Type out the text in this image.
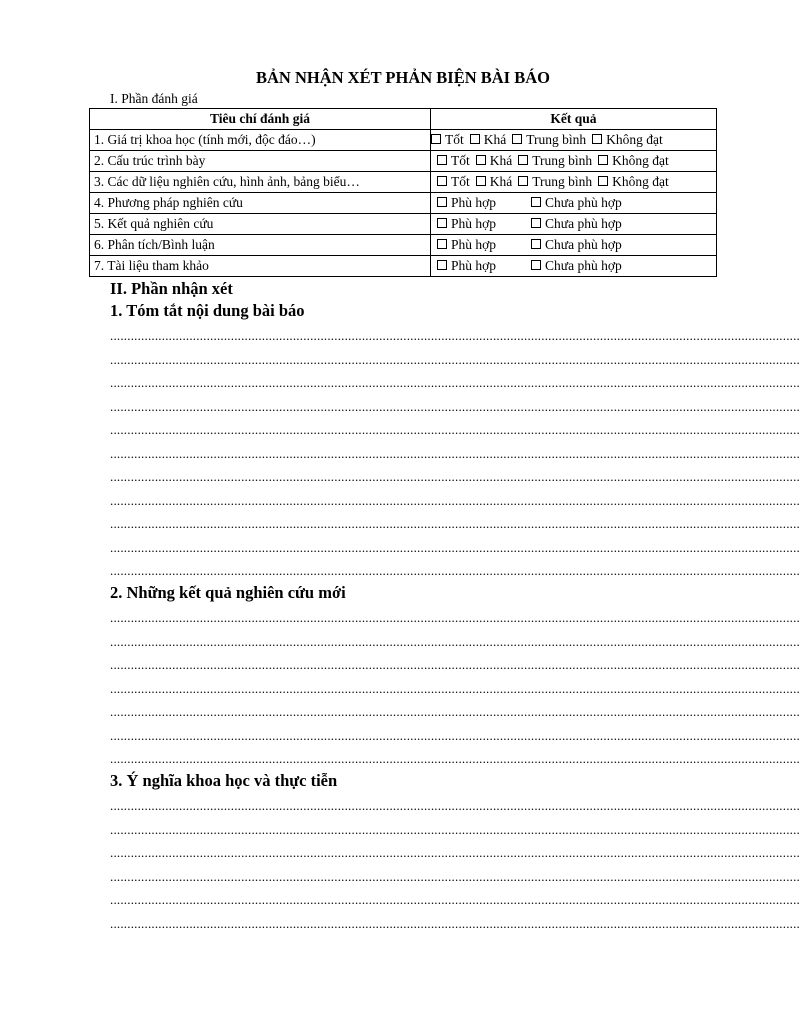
BẢN NHẬN XÉT PHẢN BIỆN BÀI BÁO
I. Phần đánh giá
Tiêu chí đánh giá	Kết quả
1. Giá trị khoa học (tính mới, độc đáo…)	Tốt Khá Trung bình Không đạt
2. Cấu trúc trình bày	Tốt Khá Trung bình Không đạt
3. Các dữ liệu nghiên cứu, hình ảnh, bảng biểu…	Tốt Khá Trung bình Không đạt
4. Phương pháp nghiên cứu	Phù hợp Chưa phù hợp
5. Kết quả nghiên cứu	Phù hợp Chưa phù hợp
6. Phân tích/Bình luận	Phù hợp Chưa phù hợp
7. Tài liệu tham khảo	Phù hợp Chưa phù hợp
II. Phần nhận xét
1. Tóm tắt nội dung bài báo
........................................................................................................................................................................................................
........................................................................................................................................................................................................
........................................................................................................................................................................................................
........................................................................................................................................................................................................
........................................................................................................................................................................................................
........................................................................................................................................................................................................
........................................................................................................................................................................................................
........................................................................................................................................................................................................
........................................................................................................................................................................................................
........................................................................................................................................................................................................
........................................................................................................................................................................................................
2. Những kết quả nghiên cứu mới
........................................................................................................................................................................................................
........................................................................................................................................................................................................
........................................................................................................................................................................................................
........................................................................................................................................................................................................
........................................................................................................................................................................................................
........................................................................................................................................................................................................
........................................................................................................................................................................................................
3. Ý nghĩa khoa học và thực tiễn
........................................................................................................................................................................................................
........................................................................................................................................................................................................
........................................................................................................................................................................................................
........................................................................................................................................................................................................
........................................................................................................................................................................................................
........................................................................................................................................................................................................
